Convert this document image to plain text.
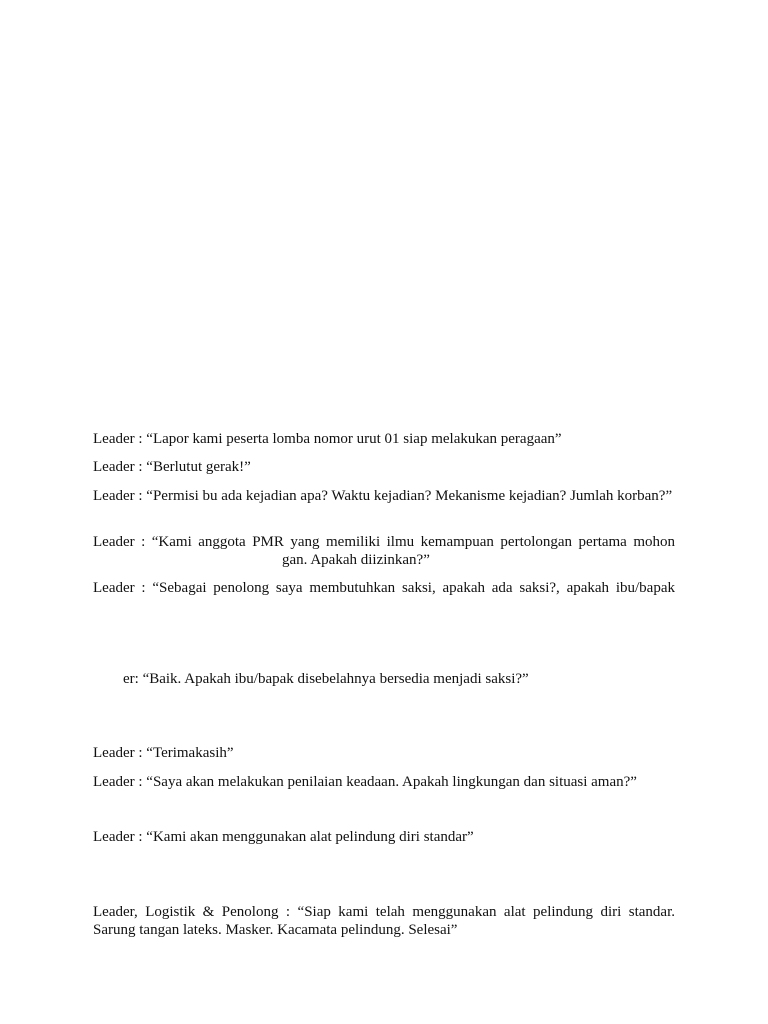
Leader : “Lapor kami peserta lomba nomor urut 01 siap melakukan peragaan”

Leader : “Berlutut gerak!”

Leader : “Permisi bu ada kejadian apa? Waktu kejadian? Mekanisme kejadian? Jumlah korban?”

Leader : “Kami anggota PMR yang memiliki ilmu kemampuan pertolongan pertama mohon

gan. Apakah diizinkan?”

Leader : “Sebagai penolong saya membutuhkan saksi, apakah ada saksi?, apakah ibu/bapak

er: “Baik. Apakah ibu/bapak disebelahnya bersedia menjadi saksi?”

Leader : “Terimakasih”

Leader : “Saya akan melakukan penilaian keadaan. Apakah lingkungan dan situasi aman?”

Leader : “Kami akan menggunakan alat pelindung diri standar”

Leader, Logistik & Penolong : “Siap kami telah menggunakan alat pelindung diri standar. Sarung tangan lateks. Masker. Kacamata pelindung. Selesai”
